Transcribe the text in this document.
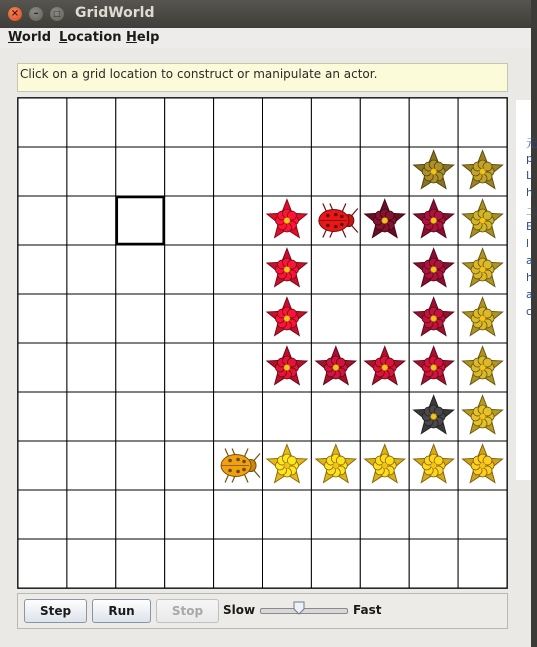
×	–	□ GridWorld
World Location Help
Click on a grid location to construct or manipulate an actor.
元
p
L
h
二
E
l
a
h
a
c
Step	Run	Stop	Slow	Fast
